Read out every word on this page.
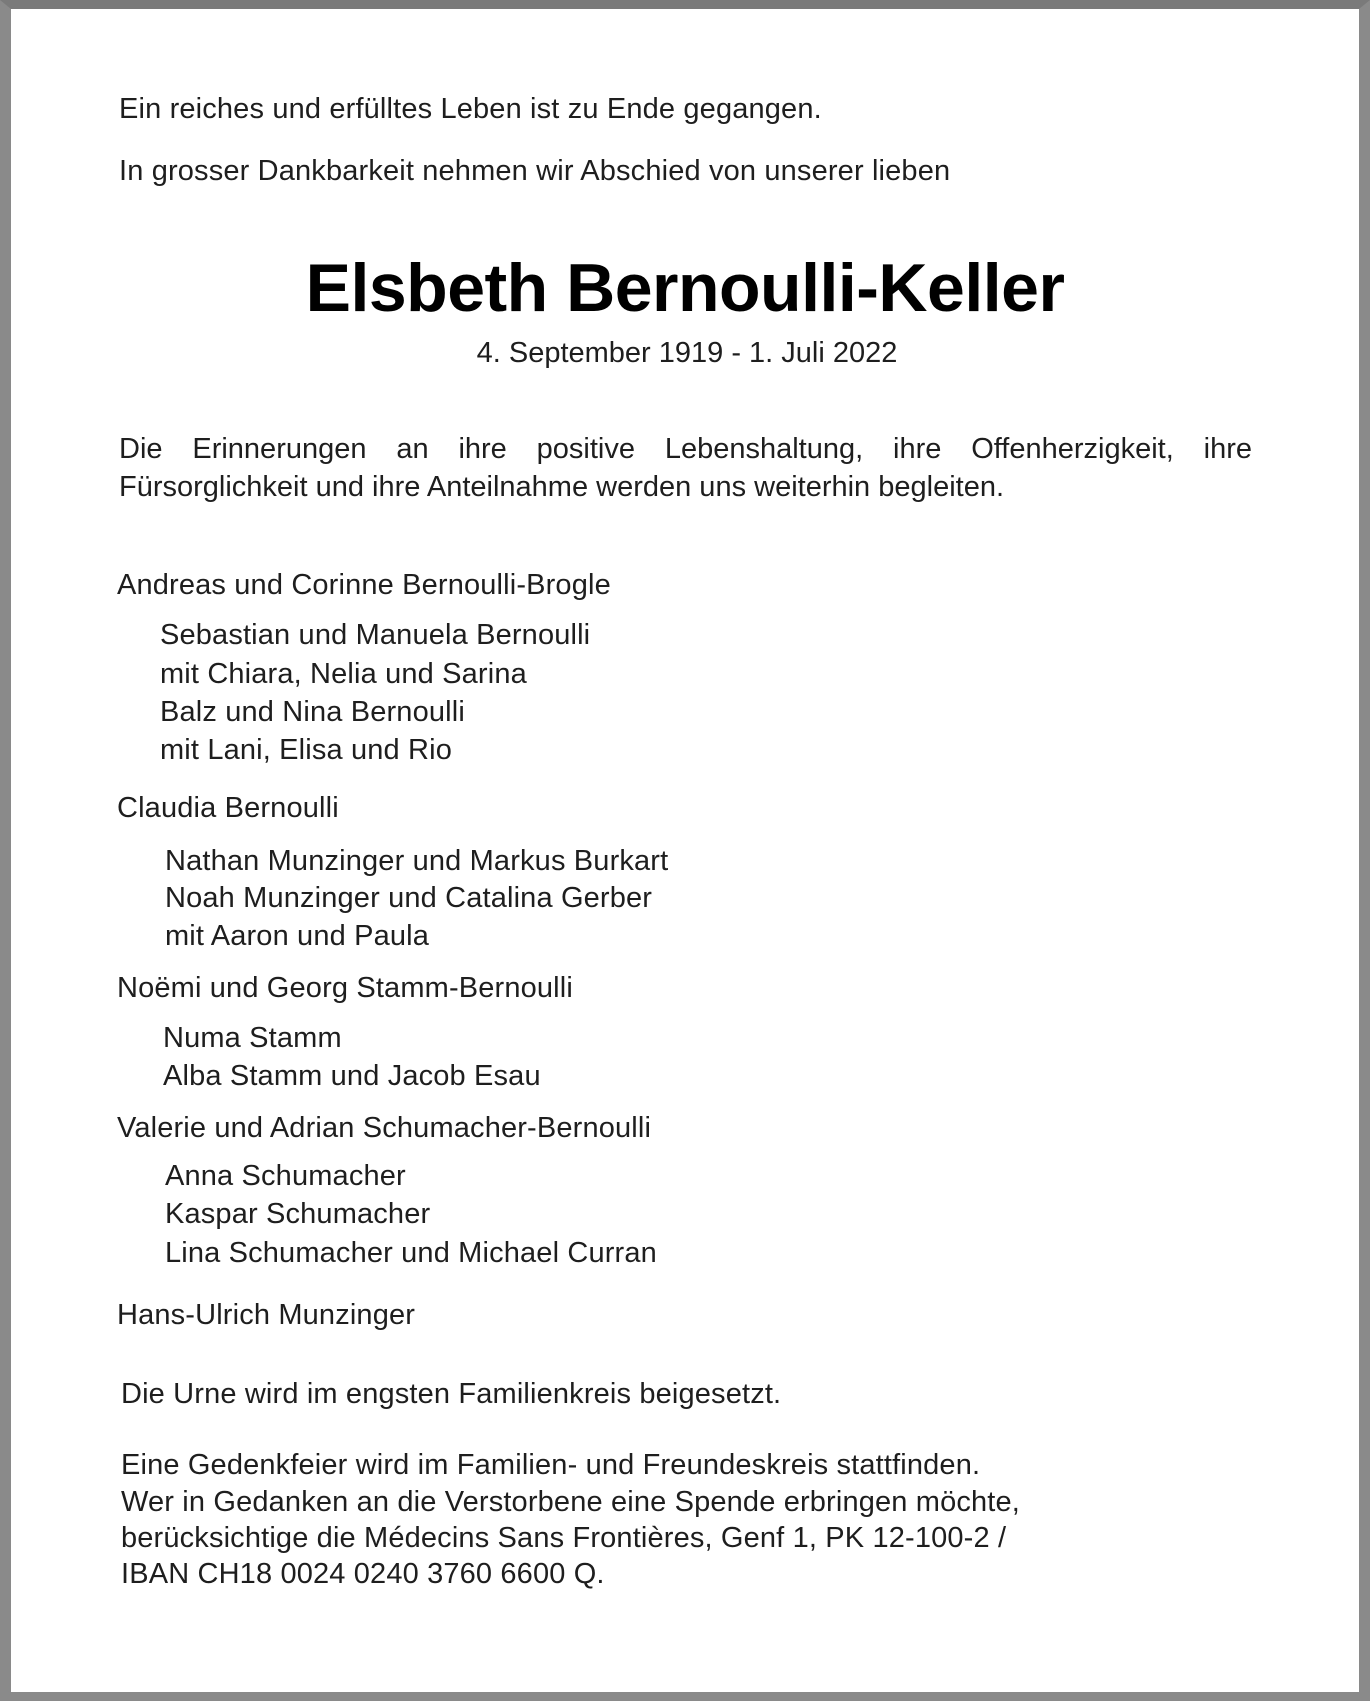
Ein reiches und erfülltes Leben ist zu Ende gegangen.
In grosser Dankbarkeit nehmen wir Abschied von unserer lieben
Elsbeth Bernoulli-Keller
4. September 1919 - 1. Juli 2022
Die Erinnerungen an ihre positive Lebenshaltung, ihre Offenherzigkeit, ihre
Fürsorglichkeit und ihre Anteilnahme werden uns weiterhin begleiten.
Andreas und Corinne Bernoulli-Brogle
Sebastian und Manuela Bernoulli
mit Chiara, Nelia und Sarina
Balz und Nina Bernoulli
mit Lani, Elisa und Rio
Claudia Bernoulli
Nathan Munzinger und Markus Burkart
Noah Munzinger und Catalina Gerber
mit Aaron und Paula
Noëmi und Georg Stamm-Bernoulli
Numa Stamm
Alba Stamm und Jacob Esau
Valerie und Adrian Schumacher-Bernoulli
Anna Schumacher
Kaspar Schumacher
Lina Schumacher und Michael Curran
Hans-Ulrich Munzinger
Die Urne wird im engsten Familienkreis beigesetzt.
Eine Gedenkfeier wird im Familien- und Freundeskreis stattfinden.
Wer in Gedanken an die Verstorbene eine Spende erbringen möchte,
berücksichtige die Médecins Sans Frontières, Genf 1, PK 12-100-2 /
IBAN CH18 0024 0240 3760 6600 Q.
